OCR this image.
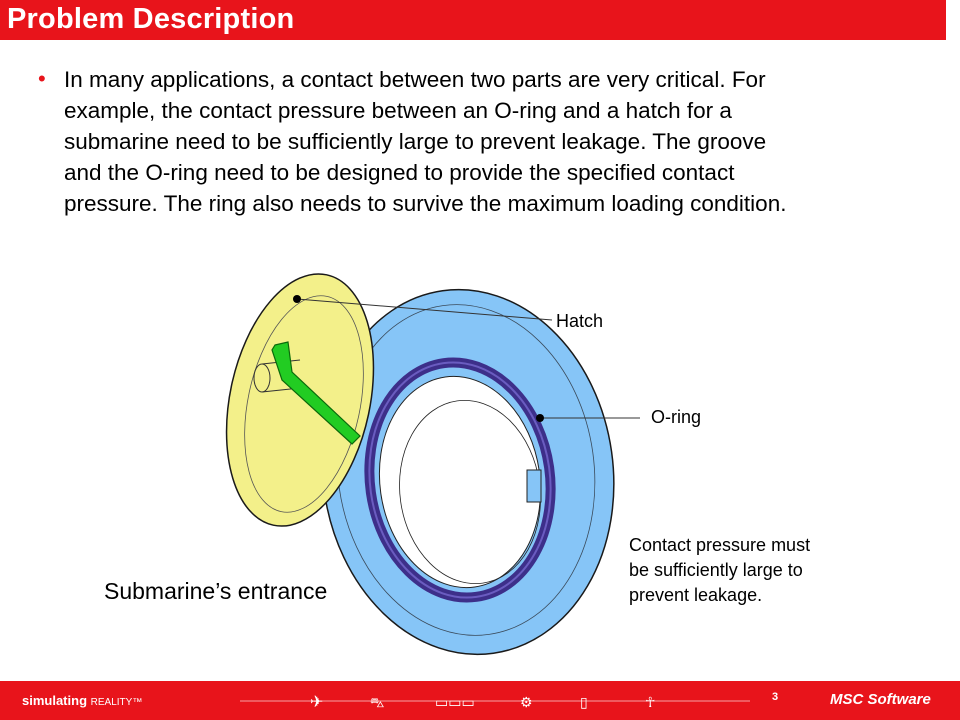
Problem Description
• In many applications, a contact between two parts are very critical. For
example, the contact pressure between an O-ring and a hatch for a
submarine need to be sufficiently large to prevent leakage. The groove
and the O-ring need to be designed to provide the specified contact
pressure. The ring also needs to survive the maximum loading condition.
Hatch
O-ring
Submarine’s entrance
Contact pressure must
be sufficiently large to
prevent leakage.
simulating REALITY™	✈	⛍	▭▭▭	⚙	▯	☥	3	MSC Software
